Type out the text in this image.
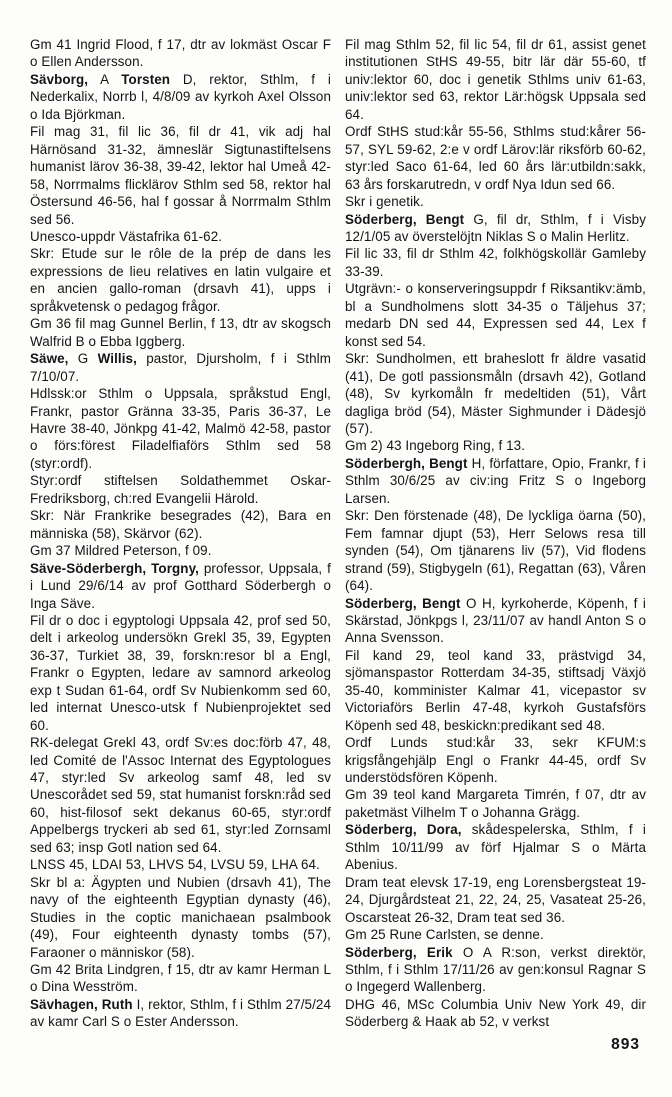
Gm 41 Ingrid Flood, f 17, dtr av lokmäst Oscar F o Ellen Andersson.

Sävborg, A Torsten D, rektor, Sthlm, f i Nederkalix, Norrb l, 4/8/09 av kyrkoh Axel Olsson o Ida Björkman.

Fil mag 31, fil lic 36, fil dr 41, vik adj hal Härnösand 31-32, ämneslär Sigtunastiftelsens humanist lärov 36-38, 39-42, lektor hal Umeå 42-58, Norrmalms flicklärov Sthlm sed 58, rektor hal Östersund 46-56, hal f gossar å Norrmalm Sthlm sed 56.

Unesco-uppdr Västafrika 61-62.

Skr: Etude sur le rôle de la prép de dans les expressions de lieu relatives en latin vulgaire et en ancien gallo-roman (drsavh 41), upps i språkvetensk o pedagog frågor.

Gm 36 fil mag Gunnel Berlin, f 13, dtr av skogsch Walfrid B o Ebba Iggberg.

Säwe, G Willis, pastor, Djursholm, f i Sthlm 7/10/07.

Hdlssk:or Sthlm o Uppsala, språkstud Engl, Frankr, pastor Gränna 33-35, Paris 36-37, Le Havre 38-40, Jönkpg 41-42, Malmö 42-58, pastor o förs:förest Filadelfiaförs Sthlm sed 58 (styr:ordf).

Styr:ordf stiftelsen Soldathemmet Oskar-Fredriksborg, ch:red Evangelii Härold.

Skr: När Frankrike besegrades (42), Bara en människa (58), Skärvor (62).

Gm 37 Mildred Peterson, f 09.

Säve-Söderbergh, Torgny, professor, Uppsala, f i Lund 29/6/14 av prof Gotthard Söderbergh o Inga Säve.

Fil dr o doc i egyptologi Uppsala 42, prof sed 50, delt i arkeolog undersökn Grekl 35, 39, Egypten 36-37, Turkiet 38, 39, forskn:resor bl a Engl, Frankr o Egypten, ledare av samnord arkeolog exp t Sudan 61-64, ordf Sv Nubienkomm sed 60, led internat Unesco-utsk f Nubienprojektet sed 60.

RK-delegat Grekl 43, ordf Sv:es doc:förb 47, 48, led Comité de l'Assoc Internat des Egyptologues 47, styr:led Sv arkeolog samf 48, led sv Unescorådet sed 59, stat humanist forskn:råd sed 60, hist-filosof sekt dekanus 60-65, styr:ordf Appelbergs tryckeri ab sed 61, styr:led Zornsaml sed 63; insp Gotl nation sed 64.

LNSS 45, LDAI 53, LHVS 54, LVSU 59, LHA 64.

Skr bl a: Ägypten und Nubien (drsavh 41), The navy of the eighteenth Egyptian dynasty (46), Studies in the coptic manichaean psalmbook (49), Four eighteenth dynasty tombs (57), Faraoner o människor (58).

Gm 42 Brita Lindgren, f 15, dtr av kamr Herman L o Dina Wesström.

Sävhagen, Ruth I, rektor, Sthlm, f i Sthlm 27/5/24 av kamr Carl S o Ester Andersson.

Fil mag Sthlm 52, fil lic 54, fil dr 61, assist genet institutionen StHS 49-55, bitr lär där 55-60, tf univ:lektor 60, doc i genetik Sthlms univ 61-63, univ:lektor sed 63, rektor Lär:högsk Uppsala sed 64.

Ordf StHS stud:kår 55-56, Sthlms stud:kårer 56-57, SYL 59-62, 2:e v ordf Lärov:lär riksförb 60-62, styr:led Saco 61-64, led 60 års lär:utbildn:sakk, 63 års forskarutredn, v ordf Nya Idun sed 66.

Skr i genetik.

Söderberg, Bengt G, fil dr, Sthlm, f i Visby 12/1/05 av överstelöjtn Niklas S o Malin Herlitz.

Fil lic 33, fil dr Sthlm 42, folkhögskollär Gamleby 33-39.

Utgrävn:- o konserveringsuppdr f Riksantikv:ämb, bl a Sundholmens slott 34-35 o Täljehus 37; medarb DN sed 44, Expressen sed 44, Lex f konst sed 54.

Skr: Sundholmen, ett braheslott fr äldre vasatid (41), De gotl passionsmåln (drsavh 42), Gotland (48), Sv kyrkomåln fr medeltiden (51), Vårt dagliga bröd (54), Mäster Sighmunder i Dädesjö (57).

Gm 2) 43 Ingeborg Ring, f 13.

Söderbergh, Bengt H, författare, Opio, Frankr, f i Sthlm 30/6/25 av civ:ing Fritz S o Ingeborg Larsen.

Skr: Den förstenade (48), De lyckliga öarna (50), Fem famnar djupt (53), Herr Selows resa till synden (54), Om tjänarens liv (57), Vid flodens strand (59), Stigbygeln (61), Regattan (63), Våren (64).

Söderberg, Bengt O H, kyrkoherde, Köpenh, f i Skärstad, Jönkpgs l, 23/11/07 av handl Anton S o Anna Svensson.

Fil kand 29, teol kand 33, prästvigd 34, sjömanspastor Rotterdam 34-35, stiftsadj Växjö 35-40, komminister Kalmar 41, vicepastor sv Victoriaförs Berlin 47-48, kyrkoh Gustafsförs Köpenh sed 48, beskickn:predikant sed 48.

Ordf Lunds stud:kår 33, sekr KFUM:s krigsfångehjälp Engl o Frankr 44-45, ordf Sv understödsfören Köpenh.

Gm 39 teol kand Margareta Timrén, f 07, dtr av paketmäst Vilhelm T o Johanna Grägg.

Söderberg, Dora, skådespelerska, Sthlm, f i Sthlm 10/11/99 av förf Hjalmar S o Märta Abenius.

Dram teat elevsk 17-19, eng Lorensbergsteat 19-24, Djurgårdsteat 21, 22, 24, 25, Vasateat 25-26, Oscarsteat 26-32, Dram teat sed 36.

Gm 25 Rune Carlsten, se denne.

Söderberg, Erik O A R:son, verkst direktör, Sthlm, f i Sthlm 17/11/26 av gen:konsul Ragnar S o Ingegerd Wallenberg.

DHG 46, MSc Columbia Univ New York 49, dir Söderberg & Haak ab 52, v verkst

893
